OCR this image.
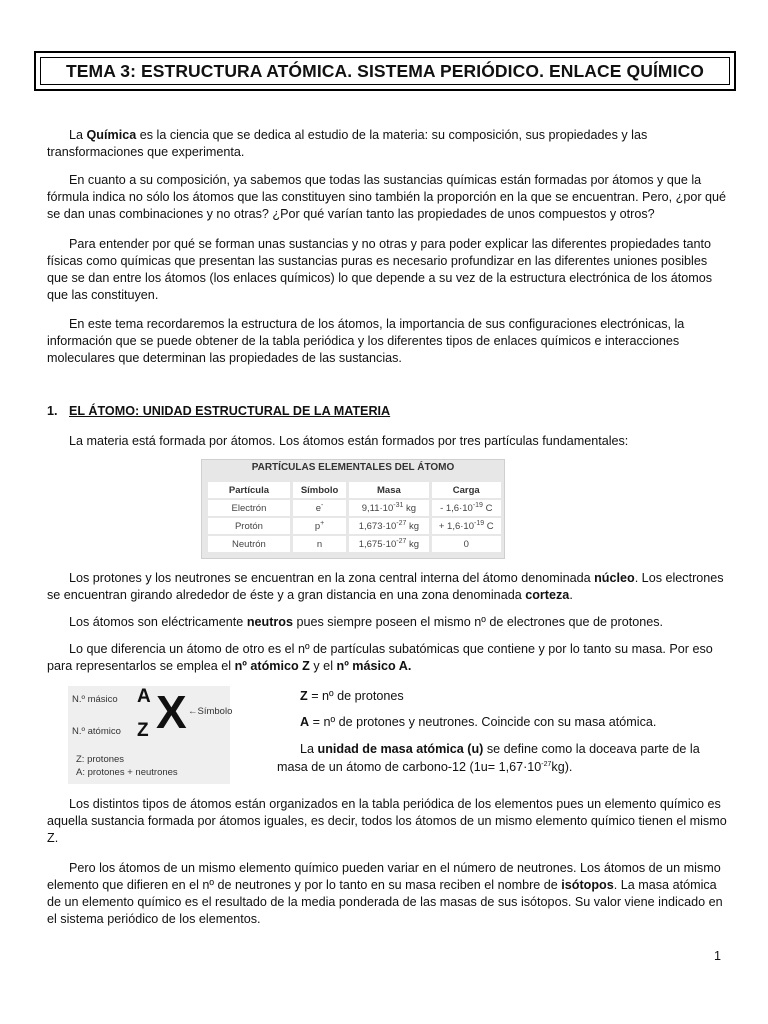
TEMA 3: ESTRUCTURA ATÓMICA. SISTEMA PERIÓDICO. ENLACE QUÍMICO
La Química es la ciencia que se dedica al estudio de la materia: su composición, sus propiedades y las transformaciones que experimenta.
En cuanto a su composición, ya sabemos que todas las sustancias químicas están formadas por átomos y que la fórmula indica no sólo los átomos que las constituyen sino también la proporción en la que se encuentran. Pero, ¿por qué se dan unas combinaciones y no otras? ¿Por qué varían tanto las propiedades de unos compuestos y otros?
Para entender por qué se forman unas sustancias y no otras y para poder explicar las diferentes propiedades tanto físicas como químicas que presentan las sustancias puras es necesario profundizar en las diferentes uniones posibles que se dan entre los átomos (los enlaces químicos) lo que depende a su vez de la estructura electrónica de los átomos que las constituyen.
En este tema recordaremos la estructura de los átomos, la importancia de sus configuraciones electrónicas, la información que se puede obtener de la tabla periódica y los diferentes tipos de enlaces químicos e interacciones moleculares que determinan las propiedades de las sustancias.
1. EL ÁTOMO: UNIDAD ESTRUCTURAL DE LA MATERIA
La materia está formada por átomos. Los átomos están formados por tres partículas fundamentales:
PARTÍCULAS ELEMENTALES DEL ÁTOMO
Partícula	Símbolo	Masa	Carga
Electrón	e-	$9,11\cdot 10^{-31}$ kg	- $1,6\cdot 10^{-19}$ C
Protón	p+	$1,673\cdot 10^{-27}$ kg	+ $1,6\cdot 10^{-19}$ C
Neutrón	n	$1,675\cdot 10^{-27}$ kg	0
Los protones y los neutrones se encuentran en la zona central interna del átomo denominada núcleo. Los electrones se encuentran girando alrededor de éste y a gran distancia en una zona denominada corteza.
Los átomos son eléctricamente neutros pues siempre poseen el mismo nº de electrones que de protones.
Lo que diferencia un átomo de otro es el nº de partículas subatómicas que contiene y por lo tanto su masa. Por eso para representarlos se emplea el nº atómico Z y el nº másico A.
N.º másico A
N.º atómico Z X ←Símbolo
Z: protones
A: protones + neutrones
Z = nº de protones
A = nº de protones y neutrones. Coincide con su masa atómica.
La unidad de masa atómica (u) se define como la doceava parte de la
masa de un átomo de carbono-12 $(1u= 1,67\cdot 10^{-27}kg)$.
Los distintos tipos de átomos están organizados en la tabla periódica de los elementos pues un elemento químico es aquella sustancia formada por átomos iguales, es decir, todos los átomos de un mismo elemento químico tienen el mismo Z.
Pero los átomos de un mismo elemento químico pueden variar en el número de neutrones. Los átomos de un mismo elemento que difieren en el nº de neutrones y por lo tanto en su masa reciben el nombre de isótopos. La masa atómica de un elemento químico es el resultado de la media ponderada de las masas de sus isótopos. Su valor viene indicado en el sistema periódico de los elementos.
1
